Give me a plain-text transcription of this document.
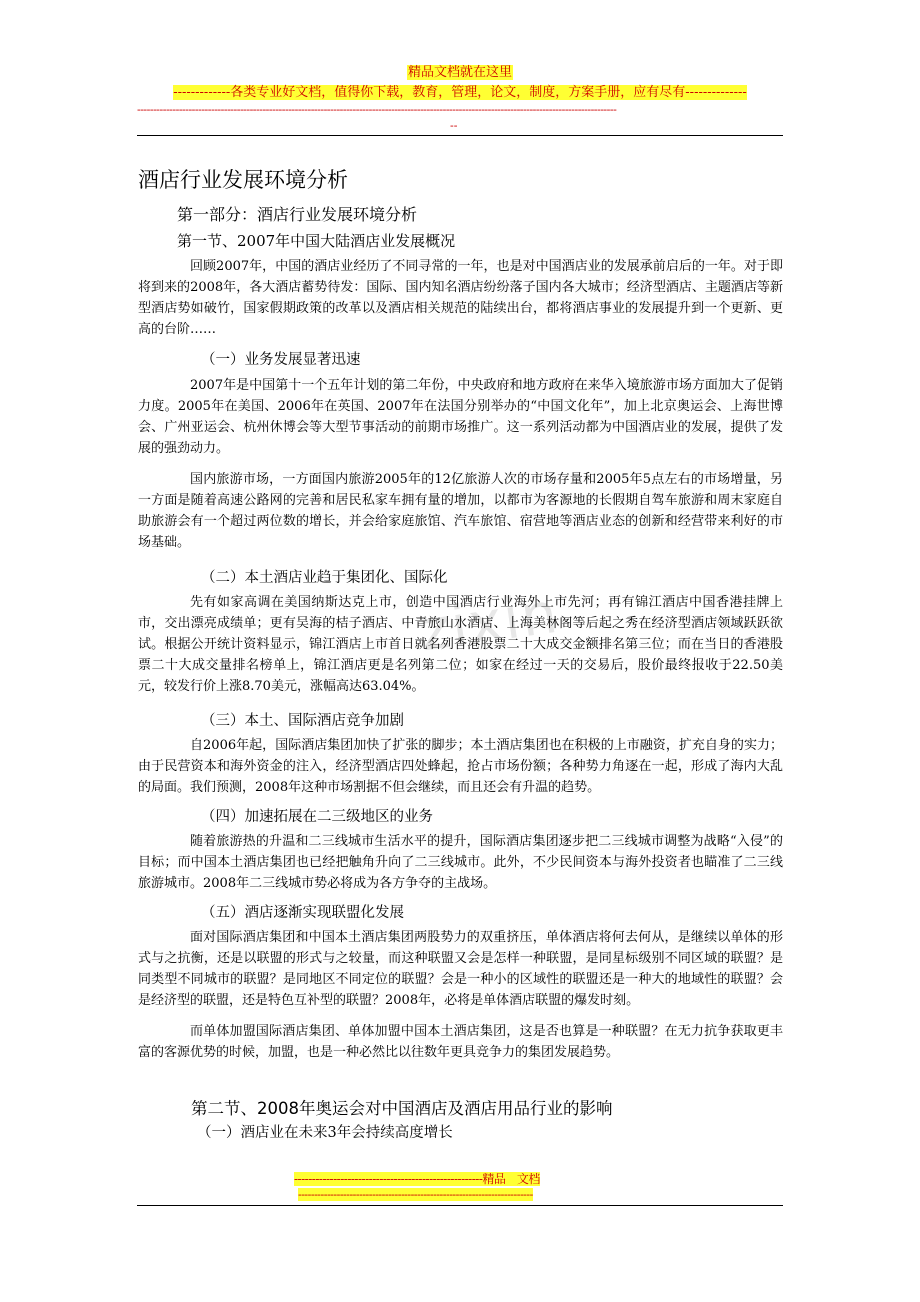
精品文档就在这里
-------------各类专业好文档，值得你下载，教育，管理，论文，制度，方案手册，应有尽有--------------
-----------------------------------------------------------------------------------------------------------------------------------------------------
--
zixin
酒店行业发展环境分析
第一部分：酒店行业发展环境分析
第一节、2007年中国大陆酒店业发展概况

回顾2007年，中国的酒店业经历了不同寻常的一年，也是对中国酒店业的发展承前启后的一年。对于即将到来的2008年，各大酒店蓄势待发：国际、国内知名酒店纷纷落子国内各大城市；经济型酒店、主题酒店等新型酒店势如破竹，国家假期政策的改革以及酒店相关规范的陆续出台，都将酒店事业的发展提升到一个更新、更高的台阶……

（一）业务发展显著迅速

2007年是中国第十一个五年计划的第二年份，中央政府和地方政府在来华入境旅游市场方面加大了促销力度。2005年在美国、2006年在英国、2007年在法国分别举办的“中国文化年”，加上北京奥运会、上海世博会、广州亚运会、杭州休博会等大型节事活动的前期市场推广。这一系列活动都为中国酒店业的发展，提供了发展的强劲动力。

国内旅游市场，一方面国内旅游2005年的12亿旅游人次的市场存量和2005年5点左右的市场增量，另一方面是随着高速公路网的完善和居民私家车拥有量的增加，以都市为客源地的长假期自驾车旅游和周末家庭自助旅游会有一个超过两位数的增长，并会给家庭旅馆、汽车旅馆、宿营地等酒店业态的创新和经营带来利好的市场基础。

（二）本土酒店业趋于集团化、国际化

先有如家高调在美国纳斯达克上市，创造中国酒店行业海外上市先河；再有锦江酒店中国香港挂牌上市，交出漂亮成绩单；更有吴海的桔子酒店、中青旅山水酒店、上海美林阁等后起之秀在经济型酒店领域跃跃欲试。根据公开统计资料显示，锦江酒店上市首日就名列香港股票二十大成交金额排名第三位；而在当日的香港股票二十大成交量排名榜单上，锦江酒店更是名列第二位；如家在经过一天的交易后，股价最终报收于22.50美元，较发行价上涨8.70美元，涨幅高达63.04%。

（三）本土、国际酒店竞争加剧

自2006年起，国际酒店集团加快了扩张的脚步；本土酒店集团也在积极的上市融资，扩充自身的实力；由于民营资本和海外资金的注入，经济型酒店四处蜂起，抢占市场份额；各种势力角逐在一起，形成了海内大乱的局面。我们预测，2008年这种市场割据不但会继续，而且还会有升温的趋势。

（四）加速拓展在二三级地区的业务

随着旅游热的升温和二三线城市生活水平的提升，国际酒店集团逐步把二三线城市调整为战略“入侵”的目标；而中国本土酒店集团也已经把触角升向了二三线城市。此外，不少民间资本与海外投资者也瞄准了二三线旅游城市。2008年二三线城市势必将成为各方争夺的主战场。

（五）酒店逐渐实现联盟化发展

面对国际酒店集团和中国本土酒店集团两股势力的双重挤压，单体酒店将何去何从，是继续以单体的形式与之抗衡，还是以联盟的形式与之较量，而这种联盟又会是怎样一种联盟，是同星标级别不同区域的联盟？是同类型不同城市的联盟？是同地区不同定位的联盟？会是一种小的区域性的联盟还是一种大的地域性的联盟？会是经济型的联盟，还是特色互补型的联盟？2008年，必将是单体酒店联盟的爆发时刻。

而单体加盟国际酒店集团、单体加盟中国本土酒店集团，这是否也算是一种联盟？在无力抗争获取更丰富的客源优势的时候，加盟，也是一种必然比以往数年更具竞争力的集团发展趋势。

第二节、2008年奥运会对中国酒店及酒店用品行业的影响
（一）酒店业在未来3年会持续高度增长
-----------------------------------------------------精品　文档
-------------------------------------------------------------------------
